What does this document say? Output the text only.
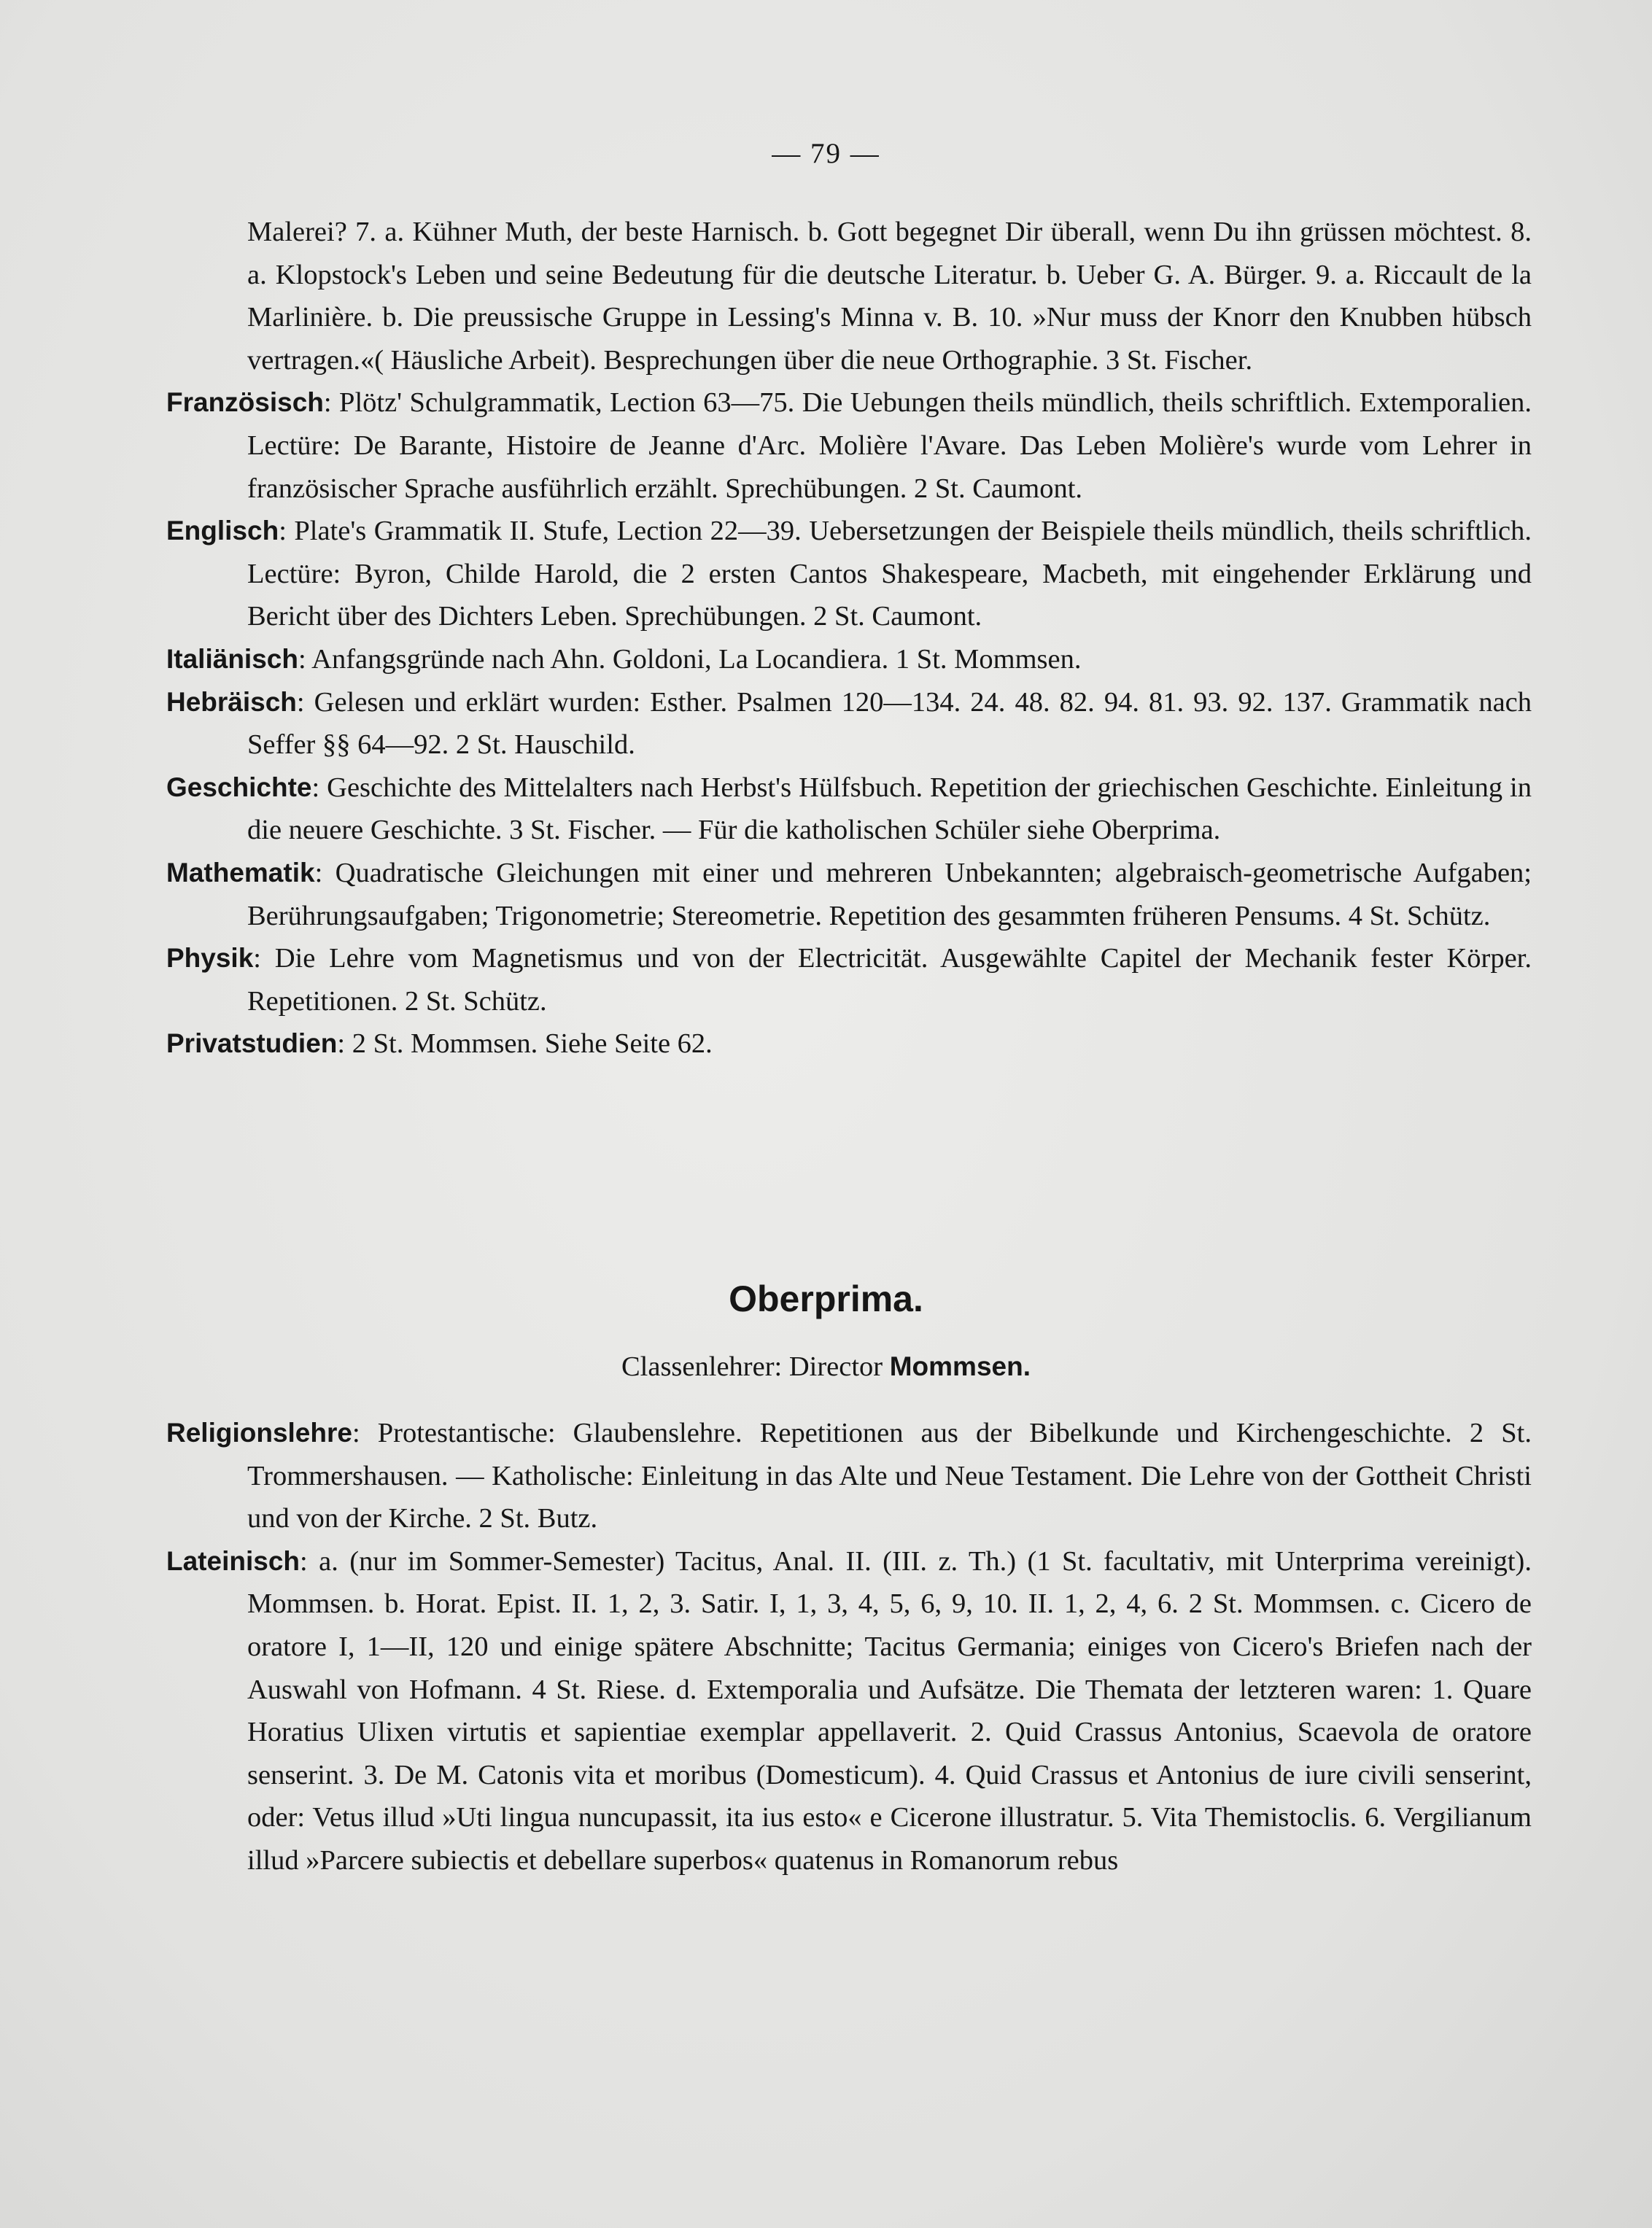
— 79 —
Malerei? 7. a. Kühner Muth, der beste Harnisch. b. Gott begegnet Dir überall, wenn Du ihn grüssen möchtest. 8. a. Klopstock's Leben und seine Bedeutung für die deutsche Literatur. b. Ueber G. A. Bürger. 9. a. Riccault de la Marlinière. b. Die preussische Gruppe in Lessing's Minna v. B. 10. »Nur muss der Knorr den Knubben hübsch vertragen.«( Häusliche Arbeit). Besprechungen über die neue Orthographie. 3 St. Fischer.
Französisch: Plötz' Schulgrammatik, Lection 63—75. Die Uebungen theils mündlich, theils schriftlich. Extemporalien. Lectüre: De Barante, Histoire de Jeanne d'Arc. Molière l'Avare. Das Leben Molière's wurde vom Lehrer in französischer Sprache ausführlich erzählt. Sprechübungen. 2 St. Caumont.
Englisch: Plate's Grammatik II. Stufe, Lection 22—39. Uebersetzungen der Beispiele theils mündlich, theils schriftlich. Lectüre: Byron, Childe Harold, die 2 ersten Cantos Shakespeare, Macbeth, mit eingehender Erklärung und Bericht über des Dichters Leben. Sprechübungen. 2 St. Caumont.
Italiänisch: Anfangsgründe nach Ahn. Goldoni, La Locandiera. 1 St. Mommsen.
Hebräisch: Gelesen und erklärt wurden: Esther. Psalmen 120—134. 24. 48. 82. 94. 81. 93. 92. 137. Grammatik nach Seffer §§ 64—92. 2 St. Hauschild.
Geschichte: Geschichte des Mittelalters nach Herbst's Hülfsbuch. Repetition der griechischen Geschichte. Einleitung in die neuere Geschichte. 3 St. Fischer. — Für die katholischen Schüler siehe Oberprima.
Mathematik: Quadratische Gleichungen mit einer und mehreren Unbekannten; algebraisch-geometrische Aufgaben; Berührungsaufgaben; Trigonometrie; Stereometrie. Repetition des gesammten früheren Pensums. 4 St. Schütz.
Physik: Die Lehre vom Magnetismus und von der Electricität. Ausgewählte Capitel der Mechanik fester Körper. Repetitionen. 2 St. Schütz.
Privatstudien: 2 St. Mommsen. Siehe Seite 62.
Oberprima.
Classenlehrer: Director Mommsen.
Religionslehre: Protestantische: Glaubenslehre. Repetitionen aus der Bibelkunde und Kirchengeschichte. 2 St. Trommershausen. — Katholische: Einleitung in das Alte und Neue Testament. Die Lehre von der Gottheit Christi und von der Kirche. 2 St. Butz.
Lateinisch: a. (nur im Sommer-Semester) Tacitus, Anal. II. (III. z. Th.) (1 St. facultativ, mit Unterprima vereinigt). Mommsen. b. Horat. Epist. II. 1, 2, 3. Satir. I, 1, 3, 4, 5, 6, 9, 10. II. 1, 2, 4, 6. 2 St. Mommsen. c. Cicero de oratore I, 1—II, 120 und einige spätere Abschnitte; Tacitus Germania; einiges von Cicero's Briefen nach der Auswahl von Hofmann. 4 St. Riese. d. Extemporalia und Aufsätze. Die Themata der letzteren waren: 1. Quare Horatius Ulixen virtutis et sapientiae exemplar appellaverit. 2. Quid Crassus Antonius, Scaevola de oratore senserint. 3. De M. Catonis vita et moribus (Domesticum). 4. Quid Crassus et Antonius de iure civili senserint, oder: Vetus illud »Uti lingua nuncupassit, ita ius esto« e Cicerone illustratur. 5. Vita Themistoclis. 6. Vergilianum illud »Parcere subiectis et debellare superbos« quatenus in Romanorum rebus
